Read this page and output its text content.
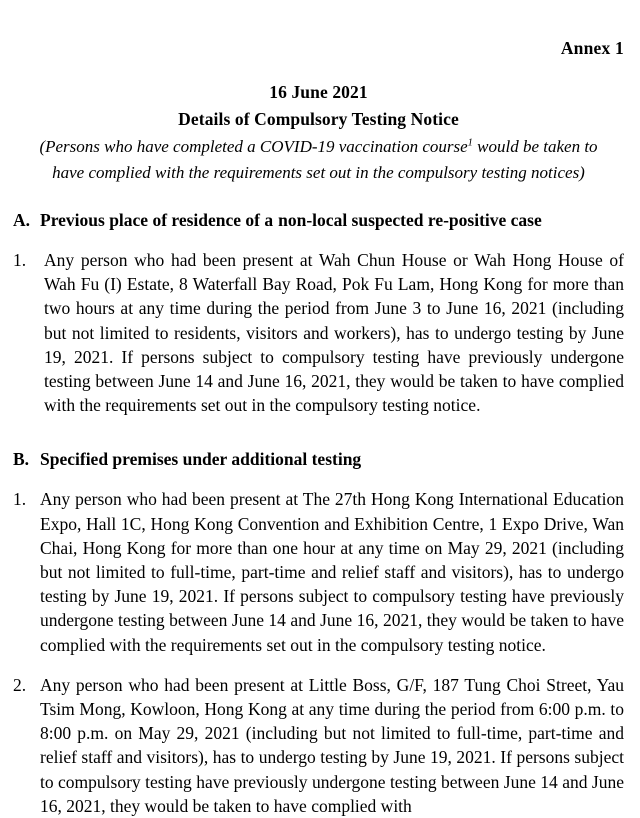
Annex 1
16 June 2021
Details of Compulsory Testing Notice
(Persons who have completed a COVID-19 vaccination course$^1$ would be taken to have complied with the requirements set out in the compulsory testing notices)
A. Previous place of residence of a non-local suspected re-positive case
1.	Any person who had been present at Wah Chun House or Wah Hong House of Wah Fu (I) Estate, 8 Waterfall Bay Road, Pok Fu Lam, Hong Kong for more than two hours at any time during the period from June 3 to June 16, 2021 (including but not limited to residents, visitors and workers), has to undergo testing by June 19, 2021. If persons subject to compulsory testing have previously undergone testing between June 14 and June 16, 2021, they would be taken to have complied with the requirements set out in the compulsory testing notice.
B. Specified premises under additional testing
1. Any person who had been present at The 27th Hong Kong International Education Expo, Hall 1C, Hong Kong Convention and Exhibition Centre, 1 Expo Drive, Wan Chai, Hong Kong for more than one hour at any time on May 29, 2021 (including but not limited to full-time, part-time and relief staff and visitors), has to undergo testing by June 19, 2021. If persons subject to compulsory testing have previously undergone testing between June 14 and June 16, 2021, they would be taken to have complied with the requirements set out in the compulsory testing notice.
2. Any person who had been present at Little Boss, G/F, 187 Tung Choi Street, Yau Tsim Mong, Kowloon, Hong Kong at any time during the period from 6:00 p.m. to 8:00 p.m. on May 29, 2021 (including but not limited to full-time, part-time and relief staff and visitors), has to undergo testing by June 19, 2021. If persons subject to compulsory testing have previously undergone testing between June 14 and June 16, 2021, they would be taken to have complied with
